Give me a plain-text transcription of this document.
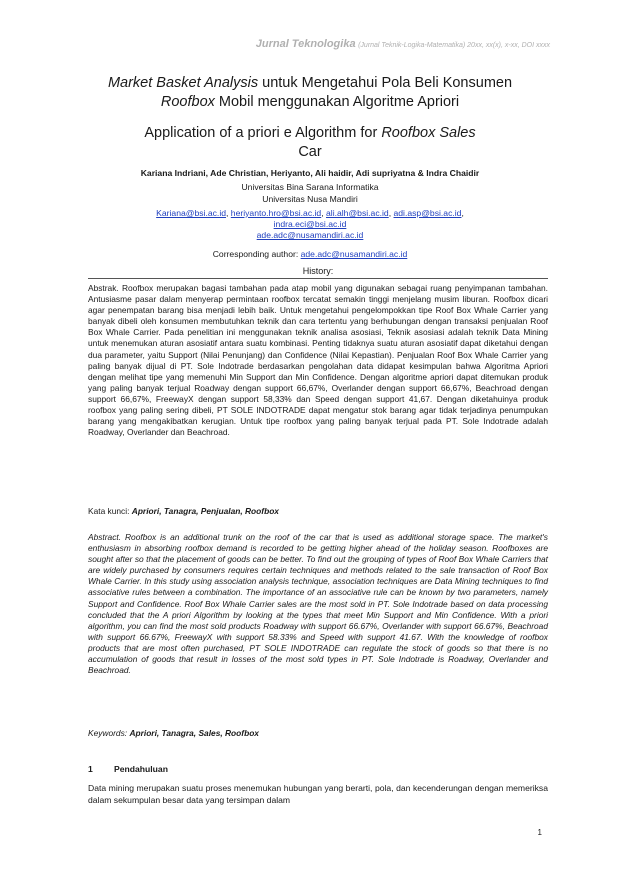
Jurnal Teknologika (Jurnal Teknik-Logika-Matematika) 20xx, xx(x), x-xx, DOI xxxx
Market Basket Analysis untuk Mengetahui Pola Beli Konsumen
Roofbox Mobil menggunakan Algoritme Apriori
Application of a priori e Algorithm for Roofbox Sales
Car
Kariana Indriani, Ade Christian, Heriyanto, Ali haidir, Adi supriyatna & Indra Chaidir
Universitas Bina Sarana Informatika
Universitas Nusa Mandiri
Kariana@bsi.ac.id, heriyanto.hro@bsi.ac.id, ali.alh@bsi.ac.id, adi.asp@bsi.ac.id,
indra.eci@bsi.ac.id
ade.adc@nusamandiri.ac.id
Corresponding author: ade.adc@nusamandiri.ac.id
History:
Abstrak. Roofbox merupakan bagasi tambahan pada atap mobil yang digunakan sebagai ruang penyimpanan tambahan. Antusiasme pasar dalam menyerap permintaan roofbox tercatat semakin tinggi menjelang musim liburan. Roofbox dicari agar penempatan barang bisa menjadi lebih baik. Untuk mengetahui pengelompokkan tipe Roof Box Whale Carrier yang banyak dibeli oleh konsumen membutuhkan teknik dan cara tertentu yang berhubungan dengan transaksi penjualan Roof Box Whale Carrier. Pada penelitian ini menggunakan teknik analisa asosiasi, Teknik asosiasi adalah teknik Data Mining untuk menemukan aturan asosiatif antara suatu kombinasi. Penting tidaknya suatu aturan asosiatif dapat diketahui dengan dua parameter, yaitu Support (Nilai Penunjang) dan Confidence (Nilai Kepastian). Penjualan Roof Box Whale Carrier yang paling banyak dijual di PT. Sole Indotrade berdasarkan pengolahan data didapat kesimpulan bahwa Algoritma Apriori dengan melihat tipe yang memenuhi Min Support dan Min Confidence. Dengan algoritme apriori dapat ditemukan produk yang paling banyak terjual Roadway dengan support 66,67%, Overlander dengan support 66,67%, Beachroad dengan support 66,67%, FreewayX dengan support 58,33% dan Speed dengan support 41,67. Dengan diketahuinya produk roofbox yang paling sering dibeli, PT SOLE INDOTRADE dapat mengatur stok barang agar tidak terjadinya penumpukan barang yang mengakibatkan kerugian. Untuk tipe roofbox yang paling banyak terjual pada PT. Sole Indotrade adalah Roadway, Overlander dan Beachroad.
Kata kunci: Apriori, Tanagra, Penjualan, Roofbox
Abstract. Roofbox is an additional trunk on the roof of the car that is used as additional storage space. The market's enthusiasm in absorbing roofbox demand is recorded to be getting higher ahead of the holiday season. Roofboxes are sought after so that the placement of goods can be better. To find out the grouping of types of Roof Box Whale Carriers that are widely purchased by consumers requires certain techniques and methods related to the sale transaction of Roof Box Whale Carrier. In this study using association analysis technique, association techniques are Data Mining techniques to find associative rules between a combination. The importance of an associative rule can be known by two parameters, namely Support and Confidence. Roof Box Whale Carrier sales are the most sold in PT. Sole Indotrade based on data processing concluded that the A priori Algorithm by looking at the types that meet Min Support and Min Confidence. With a priori algorithm, you can find the most sold products Roadway with support 66.67%, Overlander with support 66.67%, Beachroad with support 66.67%, FreewayX with support 58.33% and Speed with support 41.67. With the knowledge of roofbox products that are most often purchased, PT SOLE INDOTRADE can regulate the stock of goods so that there is no accumulation of goods that result in losses of the most sold types in PT. Sole Indotrade is Roadway, Overlander and Beachroad.
Keywords: Apriori, Tanagra, Sales, Roofbox
1 Pendahuluan
Data mining merupakan suatu proses menemukan hubungan yang berarti, pola, dan kecenderungan dengan memeriksa dalam sekumpulan besar data yang tersimpan dalam
1
